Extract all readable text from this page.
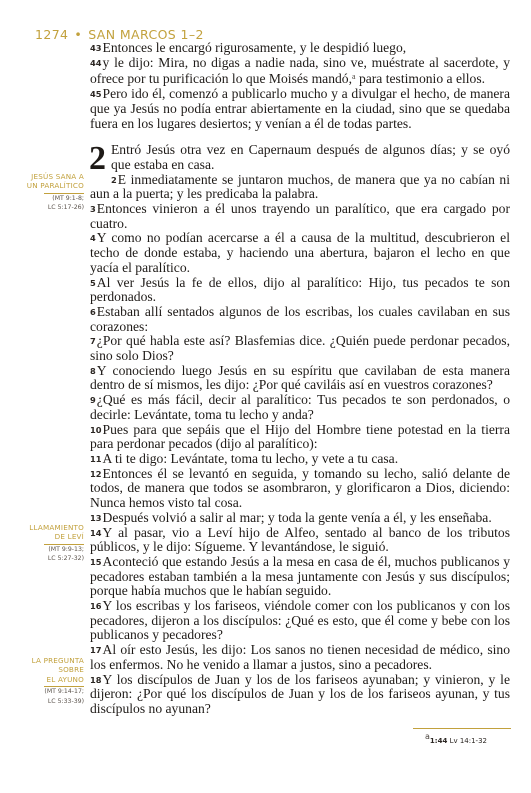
1274 • SAN MARCOS 1–2
JESÚS SANA A
UN PARALÍTICO
(MT 9:1-8;
LC 5:17-26)
LLAMAMIENTO
DE LEVÍ
(MT 9:9-13;
LC 5:27-32)
LA PREGUNTA
SOBRE
EL AYUNO
(MT 9:14-17;
LC 5:33-39)

43Entonces le encargó rigurosamente, y le despidió luego,

44y le dijo: Mira, no digas a nadie nada, sino ve, muéstrate al sacerdote, y ofrece por tu purificación lo que Moisés mandó,$^a$ para testimonio a ellos.

45Pero ido él, comenzó a publicarlo mucho y a divulgar el hecho, de manera que ya Jesús no podía entrar abiertamente en la ciudad, sino que se quedaba fuera en los lugares desiertos; y venían a él de todas partes.

2 Entró Jesús otra vez en Capernaum después de algunos días; y se oyó que estaba en casa.

2E inmediatamente se juntaron muchos, de manera que ya no cabían ni aun a la puerta; y les predicaba la palabra.

3Entonces vinieron a él unos trayendo un paralítico, que era cargado por cuatro.

4Y como no podían acercarse a él a causa de la multitud, descubrieron el techo de donde estaba, y haciendo una abertura, bajaron el lecho en que yacía el paralítico.

5Al ver Jesús la fe de ellos, dijo al paralítico: Hijo, tus pecados te son perdonados.

6Estaban allí sentados algunos de los escribas, los cuales cavilaban en sus corazones:

7¿Por qué habla este así? Blasfemias dice. ¿Quién puede perdonar pecados, sino solo Dios?

8Y conociendo luego Jesús en su espíritu que cavilaban de esta manera dentro de sí mismos, les dijo: ¿Por qué caviláis así en vuestros corazones?

9¿Qué es más fácil, decir al paralítico: Tus pecados te son perdonados, o decirle: Levántate, toma tu lecho y anda?

10Pues para que sepáis que el Hijo del Hombre tiene potestad en la tierra para perdonar pecados (dijo al paralítico):

11A ti te digo: Levántate, toma tu lecho, y vete a tu casa.

12Entonces él se levantó en seguida, y tomando su lecho, salió delante de todos, de manera que todos se asombraron, y glorificaron a Dios, diciendo: Nunca hemos visto tal cosa.

13Después volvió a salir al mar; y toda la gente venía a él, y les enseñaba.

14Y al pasar, vio a Leví hijo de Alfeo, sentado al banco de los tributos públicos, y le dijo: Sígueme. Y levantándose, le siguió.

15Aconteció que estando Jesús a la mesa en casa de él, muchos publicanos y pecadores estaban también a la mesa juntamente con Jesús y sus discípulos; porque había muchos que le habían seguido.

16Y los escribas y los fariseos, viéndole comer con los publicanos y con los pecadores, dijeron a los discípulos: ¿Qué es esto, que él come y bebe con los publicanos y pecadores?

17Al oír esto Jesús, les dijo: Los sanos no tienen necesidad de médico, sino los enfermos. No he venido a llamar a justos, sino a pecadores.

18Y los discípulos de Juan y los de los fariseos ayunaban; y vinieron, y le dijeron: ¿Por qué los discípulos de Juan y los de los fariseos ayunan, y tus discípulos no ayunan?

a1:44 Lv 14:1-32
